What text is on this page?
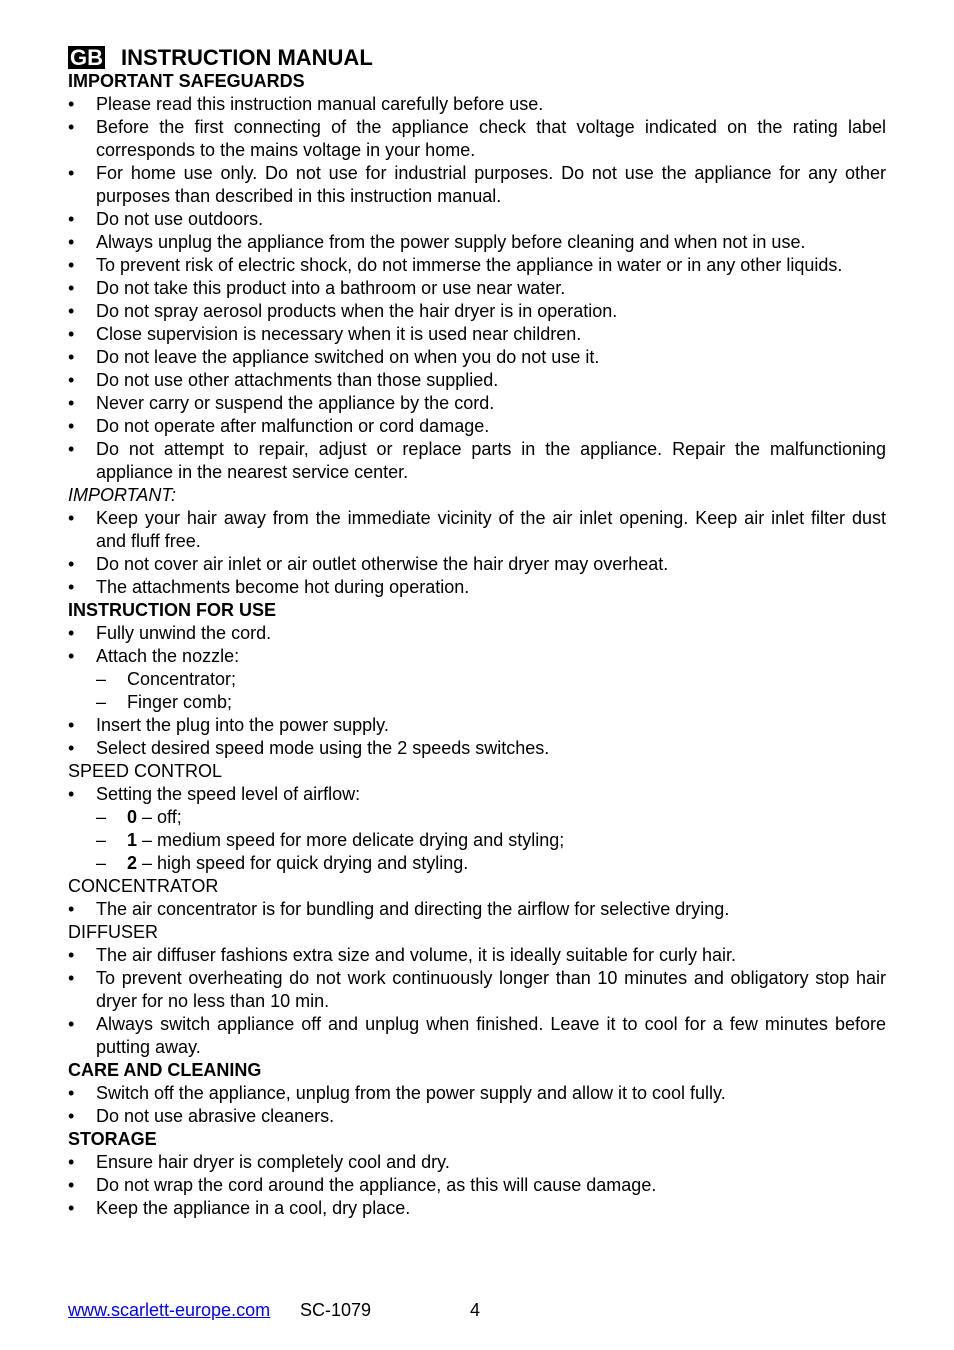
GB INSTRUCTION MANUAL
IMPORTANT SAFEGUARDS
• Please read this instruction manual carefully before use.
• Before the first connecting of the appliance check that voltage indicated on the rating label corresponds to the mains voltage in your home.
• For home use only. Do not use for industrial purposes. Do not use the appliance for any other purposes than described in this instruction manual.
• Do not use outdoors.
• Always unplug the appliance from the power supply before cleaning and when not in use.
• To prevent risk of electric shock, do not immerse the appliance in water or in any other liquids.
• Do not take this product into a bathroom or use near water.
• Do not spray aerosol products when the hair dryer is in operation.
• Close supervision is necessary when it is used near children.
• Do not leave the appliance switched on when you do not use it.
• Do not use other attachments than those supplied.
• Never carry or suspend the appliance by the cord.
• Do not operate after malfunction or cord damage.
• Do not attempt to repair, adjust or replace parts in the appliance. Repair the malfunctioning appliance in the nearest service center.
IMPORTANT:
• Keep your hair away from the immediate vicinity of the air inlet opening. Keep air inlet filter dust and fluff free.
• Do not cover air inlet or air outlet otherwise the hair dryer may overheat.
• The attachments become hot during operation.
INSTRUCTION FOR USE
• Fully unwind the cord.
• Attach the nozzle:
– Concentrator;
– Finger comb;
• Insert the plug into the power supply.
• Select desired speed mode using the 2 speeds switches.
SPEED CONTROL
• Setting the speed level of airflow:
– 0 – off;
– 1 – medium speed for more delicate drying and styling;
– 2 – high speed for quick drying and styling.
CONCENTRATOR
• The air concentrator is for bundling and directing the airflow for selective drying.
DIFFUSER
• The air diffuser fashions extra size and volume, it is ideally suitable for curly hair.
• To prevent overheating do not work continuously longer than 10 minutes and obligatory stop hair dryer for no less than 10 min.
• Always switch appliance off and unplug when finished. Leave it to cool for a few minutes before putting away.
CARE AND CLEANING
• Switch off the appliance, unplug from the power supply and allow it to cool fully.
• Do not use abrasive cleaners.
STORAGE
• Ensure hair dryer is completely cool and dry.
• Do not wrap the cord around the appliance, as this will cause damage.
• Keep the appliance in a cool, dry place.
www.scarlett-europe.com SC-1079	4
